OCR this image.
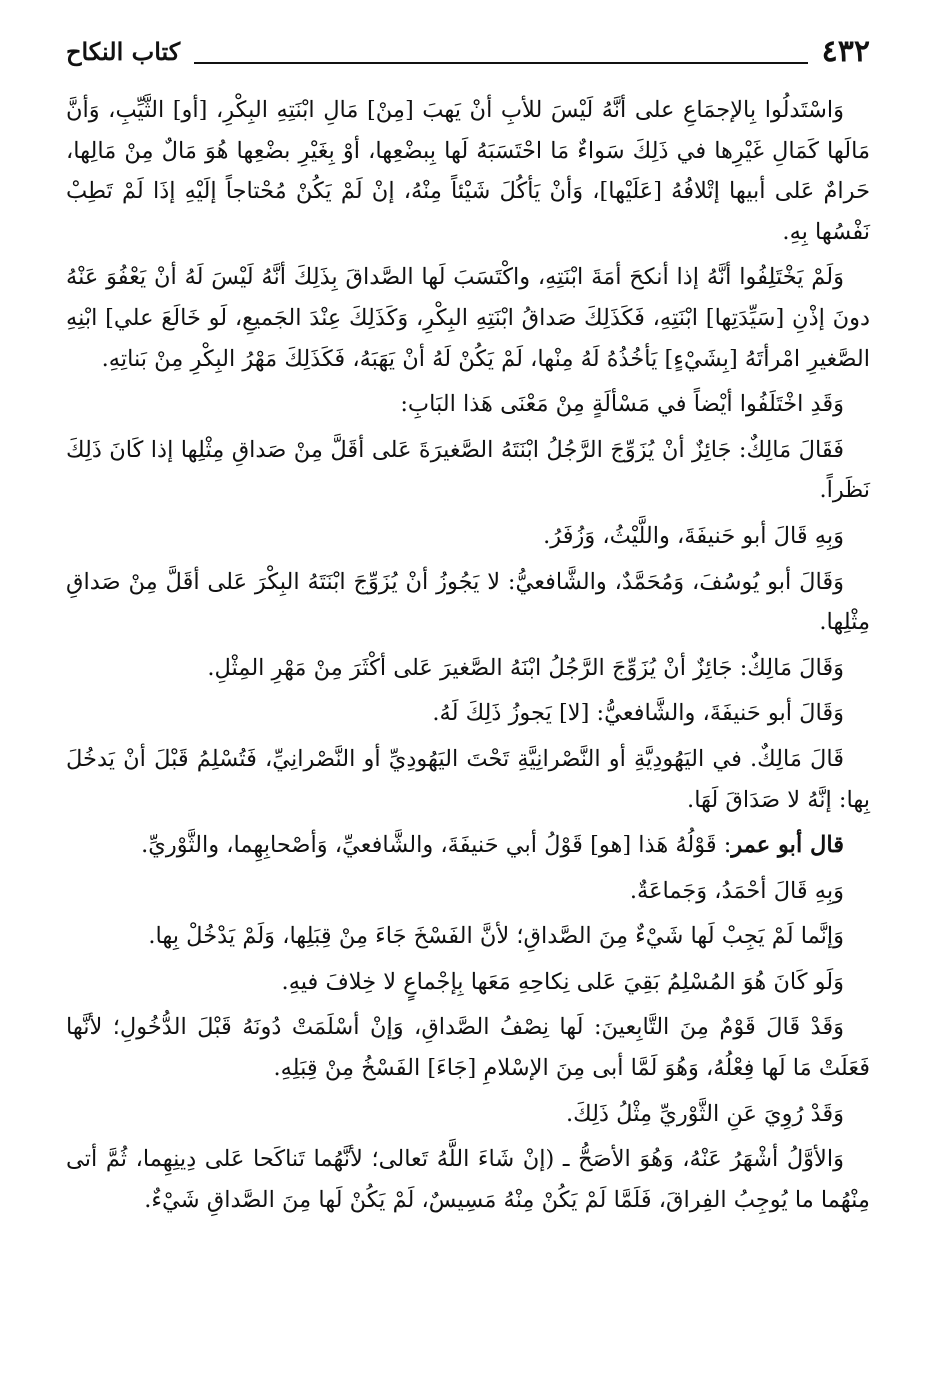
٤٣٢
كتاب النكاح

وَاسْتَدلُوا بِالإجمَاعِ على أنَّهُ لَيْسَ للأبِ أنْ يَهبَ [مِنْ] مَالِ ابْنَتِهِ البِكْرِ، [أو] الثَّيِّبِ، وَأنَّ مَالَها كَمَالِ غَيْرِها في ذَلِكَ سَواءٌ مَا احْتَسَبَهُ لَها بِبضْعِها، أوْ بِغَيْرِ بضْعِها هُوَ مَالٌ مِنْ مَالِها، حَرامٌ عَلى أبيها إتْلافُهُ [عَلَيْها]، وَأنْ يَأكُلَ شَيْئاً مِنْهُ، إنْ لَمْ يَكُنْ مُحْتاجاً إلَيْهِ إذَا لَمْ تَطِبْ نَفْسُها بِهِ.

وَلَمْ يَخْتَلِفُوا أنَّهُ إذا أنكحَ أمَةَ ابْنَتِهِ، واكْتَسَبَ لَها الصَّداقَ بِذَلِكَ أنَّهُ لَيْسَ لَهُ أنْ يَعْفُوَ عَنْهُ دونَ إذْنِ [سَيِّدَتِها] ابْنَتِهِ، فَكَذَلِكَ صَداقُ ابْنَتِهِ البِكْرِ، وَكَذَلِكَ عِنْدَ الجَميعِ، لَو خَالَعَ علي] ابْنِهِ الصَّغيرِ امْرأتَهُ [بِشَيْءٍ] يَأخُذُهُ لَهُ مِنْها، لَمْ يَكُنْ لَهُ أنْ يَهَبَهُ، فَكَذَلِكَ مَهْرُ البِكْرِ مِنْ بَناتِهِ.

وَقَدِ اخْتَلَفُوا أيْضاً في مَسْألَةٍ مِنْ مَعْنَى هَذا البَابِ:

فَقَالَ مَالِكٌ: جَائِزٌ أنْ يُزَوِّجَ الرَّجُلُ ابْنَتَهُ الصَّغيرَةَ عَلى أقَلَّ مِنْ صَداقِ مِثْلِها إذا كَانَ ذَلِكَ نَظَراً.

وَبِهِ قَالَ أبو حَنيفَةَ، واللَّيْثُ، وَزُفَرُ.

وَقَالَ أبو يُوسُفَ، وَمُحَمَّدٌ، والشَّافعيُّ: لا يَجُوزُ أنْ يُزَوِّجَ ابْنَتَهُ البِكْرَ عَلى أقَلَّ مِنْ صَداقِ مِثْلِها.

وَقَالَ مَالِكٌ: جَائِزٌ أنْ يُزَوِّجَ الرَّجُلُ ابْنَهُ الصَّغيرَ عَلى أكْثَرَ مِنْ مَهْرِ المِثْلِ.

وَقَالَ أبو حَنيفَةَ، والشَّافعيُّ: [لا] يَجوزُ ذَلِكَ لَهُ.

قَالَ مَالِكٌ. في اليَهُودِيَّةِ أو النَّصْرانِيَّةِ تَحْتَ اليَهُودِيِّ أو النَّصْرانِيِّ، فَتُسْلِمُ قَبْلَ أنْ يَدخُلَ بِها: إنَّهُ لا صَدَاقَ لَهَا.

قال أبو عمر: قَوْلُهُ هَذا [هو] قَوْلُ أبي حَنيفَةَ، والشَّافعيِّ، وَأصْحابِهِما، والثَّوْريِّ.

وَبِهِ قَالَ أحْمَدُ، وَجَماعَةٌ.

وَإنَّما لَمْ يَجِبْ لَها شَيْءٌ مِنَ الصَّداقِ؛ لأنَّ الفَسْخَ جَاءَ مِنْ قِبَلِها، وَلَمْ يَدْخُلْ بِها.

وَلَو كَانَ هُوَ المُسْلِمُ بَقِيَ عَلى نِكاحِهِ مَعَها بِإجْماعٍ لا خِلافَ فيهِ.

وَقَدْ قَالَ قَوْمٌ مِنَ التَّابِعينَ: لَها نِصْفُ الصَّداقِ، وَإنْ أسْلَمَتْ دُونَهُ قَبْلَ الدُّخُولِ؛ لأنَّها فَعَلَتْ مَا لَها فِعْلُهُ، وَهُوَ لَمَّا أبى مِنَ الإسْلامِ [جَاءَ] الفَسْخُ مِنْ قِبَلِهِ.

وَقَدْ رُوِيَ عَنِ الثَّوْريِّ مِثْلُ ذَلِكَ.

وَالأوَّلُ أشْهَرُ عَنْهُ، وَهُوَ الأصَحُّ ـ (إنْ شَاءَ اللَّهُ تَعالى؛ لأنَّهُما تَناكَحا عَلى دِينِهِما، ثُمَّ أتى مِنْهُما ما يُوجِبُ الفِراقَ، فَلَمَّا لَمْ يَكُنْ مِنْهُ مَسِيسٌ، لَمْ يَكُنْ لَها مِنَ الصَّداقِ شَيْءٌ.
